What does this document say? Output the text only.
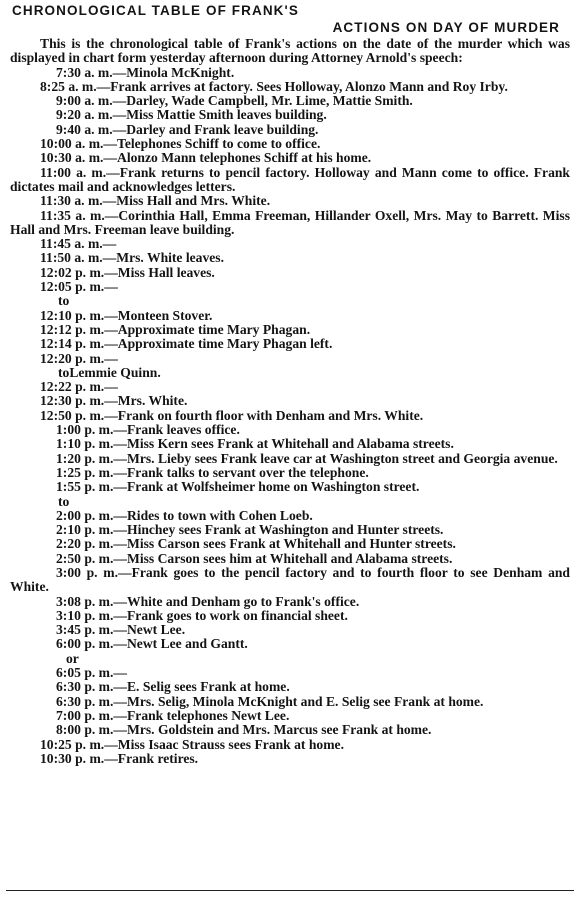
CHRONOLOGICAL TABLE OF FRANK'S
ACTIONS ON DAY OF MURDER
This is the chronological table of Frank's actions on the date of the murder which was displayed in chart form yesterday afternoon during Attorney Arnold's speech:
7:30 a. m.—Minola McKnight.
8:25 a. m.—Frank arrives at factory. Sees Holloway, Alonzo Mann and Roy Irby.
9:00 a. m.—Darley, Wade Campbell, Mr. Lime, Mattie Smith.
9:20 a. m.—Miss Mattie Smith leaves building.
9:40 a. m.—Darley and Frank leave building.
10:00 a. m.—Telephones Schiff to come to office.
10:30 a. m.—Alonzo Mann telephones Schiff at his home.
11:00 a. m.—Frank returns to pencil factory. Holloway and Mann come to office. Frank dictates mail and acknowledges letters.
11:30 a. m.—Miss Hall and Mrs. White.
11:35 a. m.—Corinthia Hall, Emma Freeman, Hillander Oxell, Mrs. May to Barrett. Miss Hall and Mrs. Freeman leave building.
11:45 a. m.—
11:50 a. m.—Mrs. White leaves.
12:02 p. m.—Miss Hall leaves.
12:05 p. m.—
to
12:10 p. m.—Monteen Stover.
12:12 p. m.—Approximate time Mary Phagan.
12:14 p. m.—Approximate time Mary Phagan left.
12:20 p. m.—
toLemmie Quinn.
12:22 p. m.—
12:30 p. m.—Mrs. White.
12:50 p. m.—Frank on fourth floor with Denham and Mrs. White.
1:00 p. m.—Frank leaves office.
1:10 p. m.—Miss Kern sees Frank at Whitehall and Alabama streets.
1:20 p. m.—Mrs. Lieby sees Frank leave car at Washington street and Georgia avenue.
1:25 p. m.—Frank talks to servant over the telephone.
1:55 p. m.—Frank at Wolfsheimer home on Washington street.
to
2:00 p. m.—Rides to town with Cohen Loeb.
2:10 p. m.—Hinchey sees Frank at Washington and Hunter streets.
2:20 p. m.—Miss Carson sees Frank at Whitehall and Hunter streets.
2:50 p. m.—Miss Carson sees him at Whitehall and Alabama streets.
3:00 p. m.—Frank goes to the pencil factory and to fourth floor to see Denham and White.
3:08 p. m.—White and Denham go to Frank's office.
3:10 p. m.—Frank goes to work on financial sheet.
3:45 p. m.—Newt Lee.
6:00 p. m.—Newt Lee and Gantt.
or
6:05 p. m.—
6:30 p. m.—E. Selig sees Frank at home.
6:30 p. m.—Mrs. Selig, Minola McKnight and E. Selig see Frank at home.
7:00 p. m.—Frank telephones Newt Lee.
8:00 p. m.—Mrs. Goldstein and Mrs. Marcus see Frank at home.
10:25 p. m.—Miss Isaac Strauss sees Frank at home.
10:30 p. m.—Frank retires.
